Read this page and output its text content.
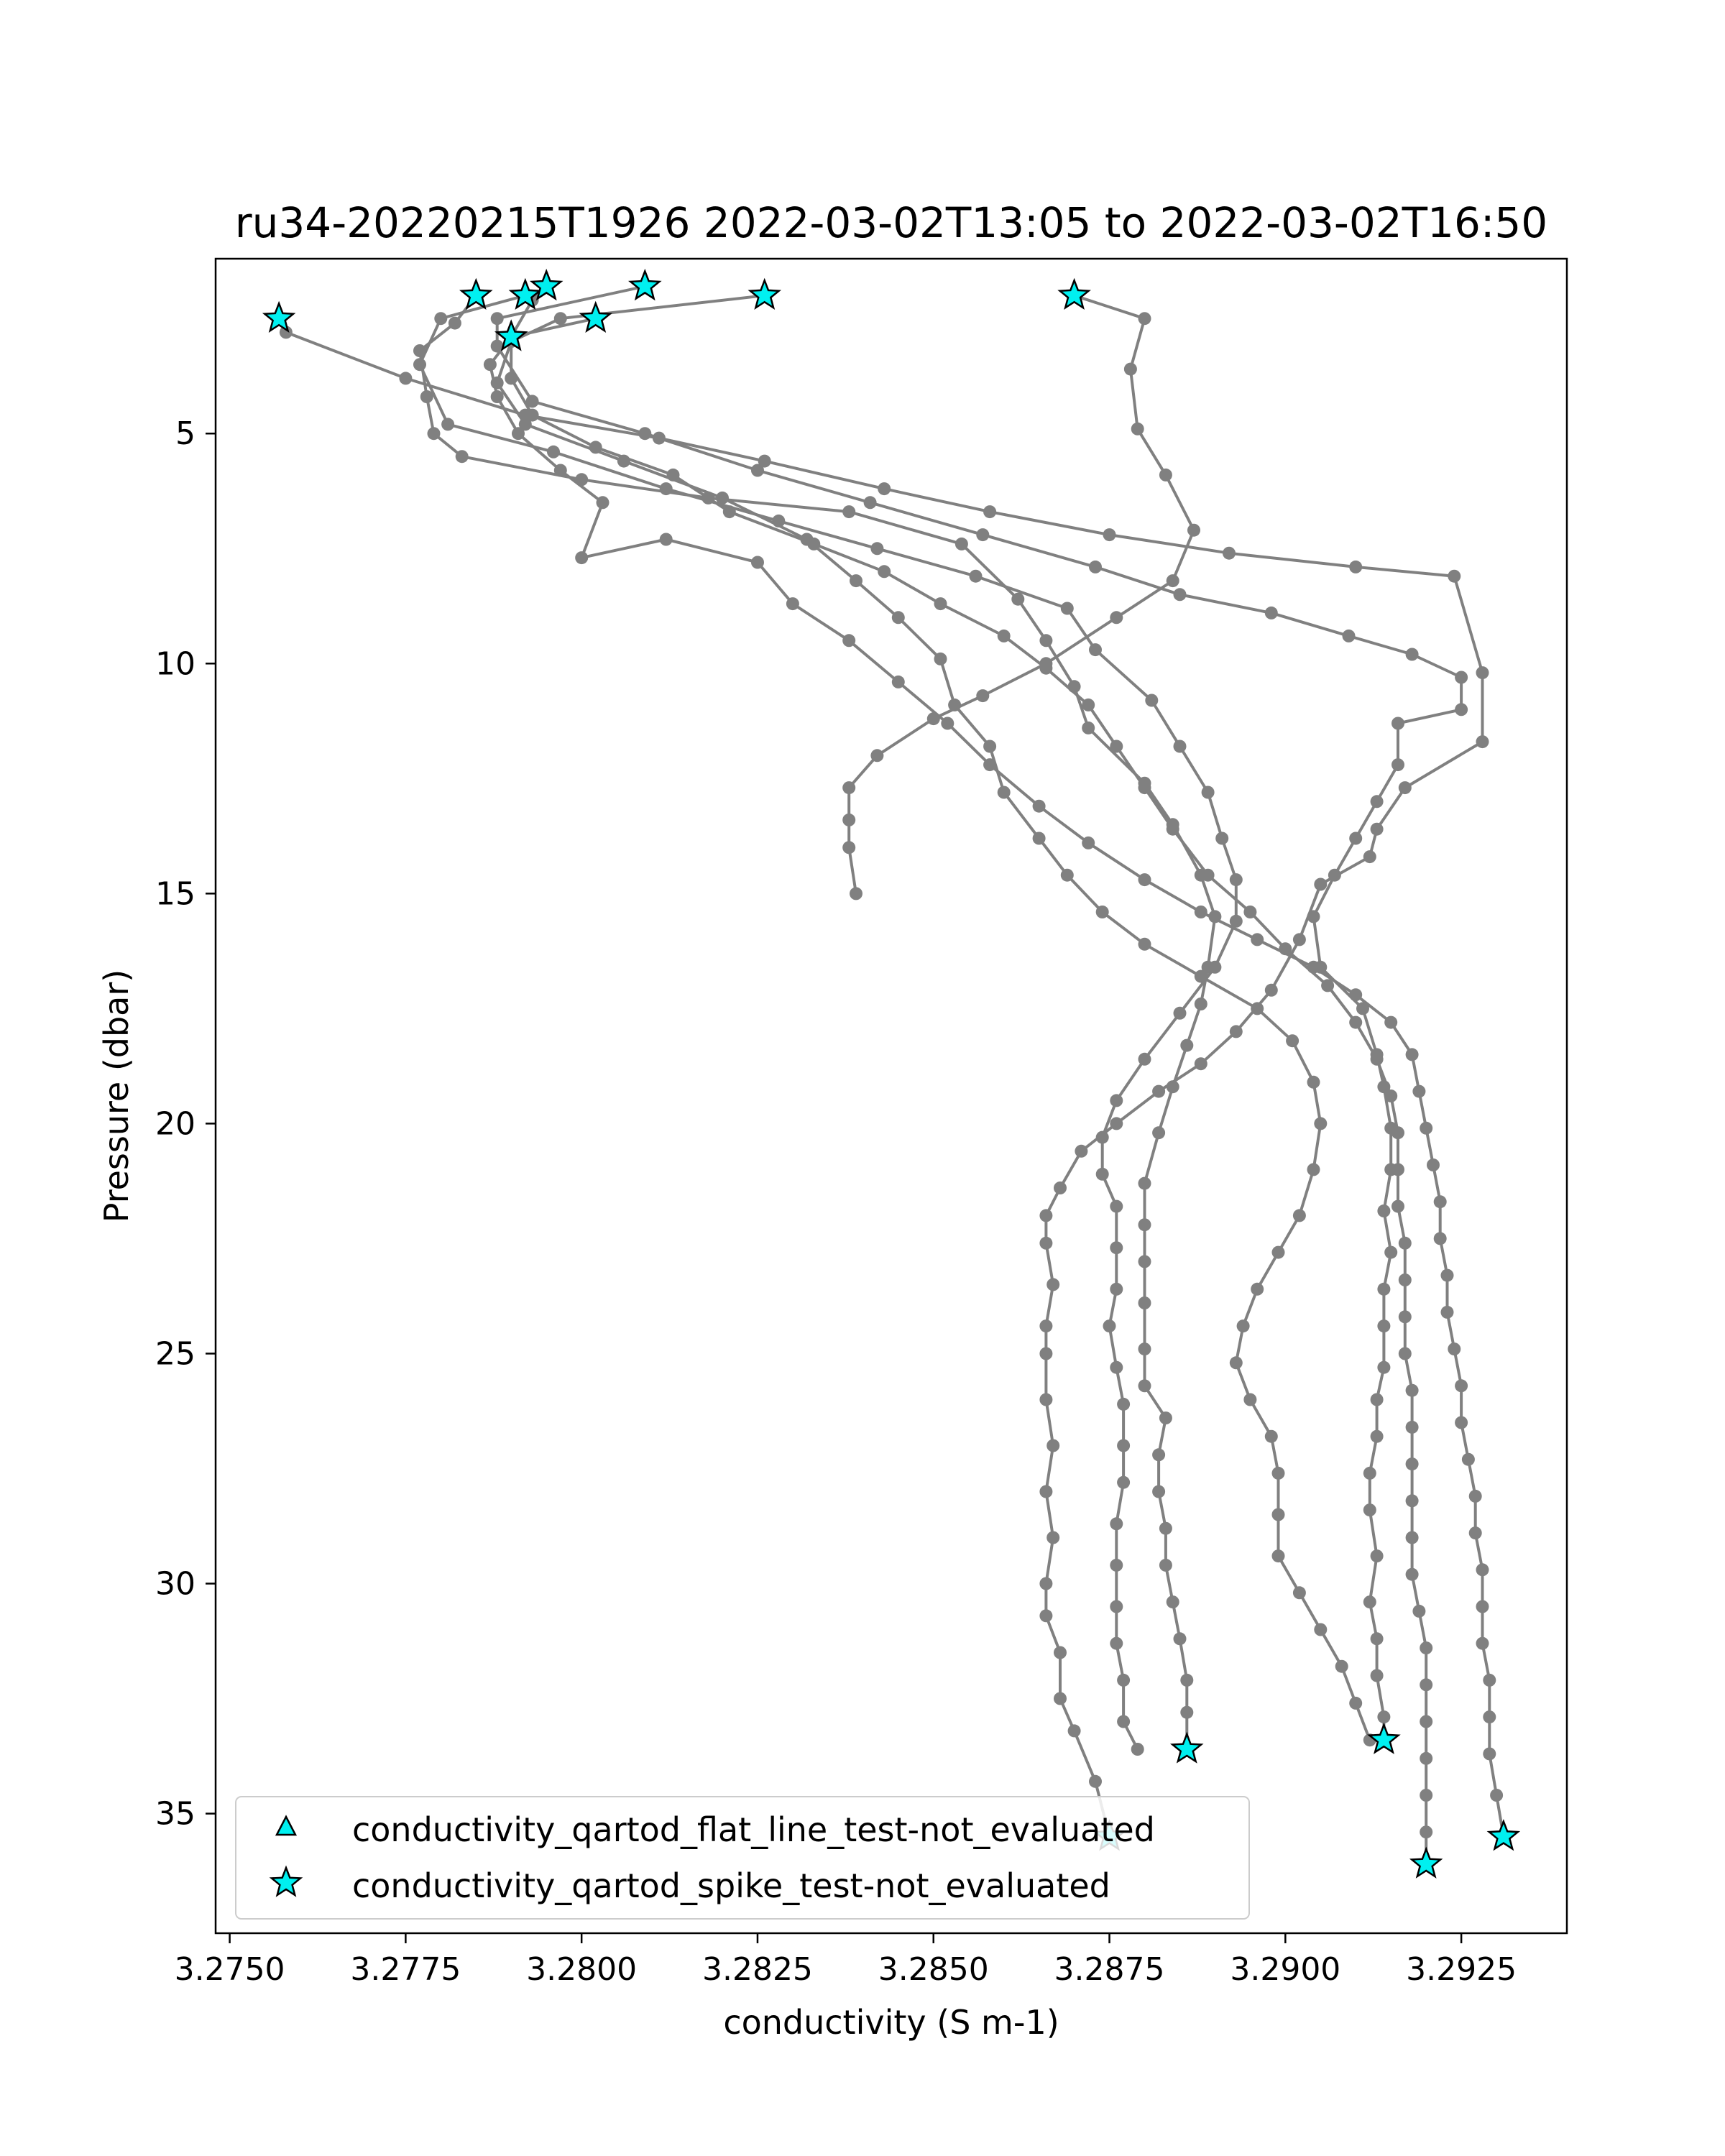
ru34-20220215T1926 2022-03-02T13:05 to 2022-03-02T16:50
3.2750 3.2775 3.2800 3.2825 3.2850 3.2875 3.2900 3.2925
5
10
15
20
25
30
35
conductivity (S m-1)
Pressure (dbar)
conductivity_qartod_flat_line_test-not_evaluated
conductivity_qartod_spike_test-not_evaluated
